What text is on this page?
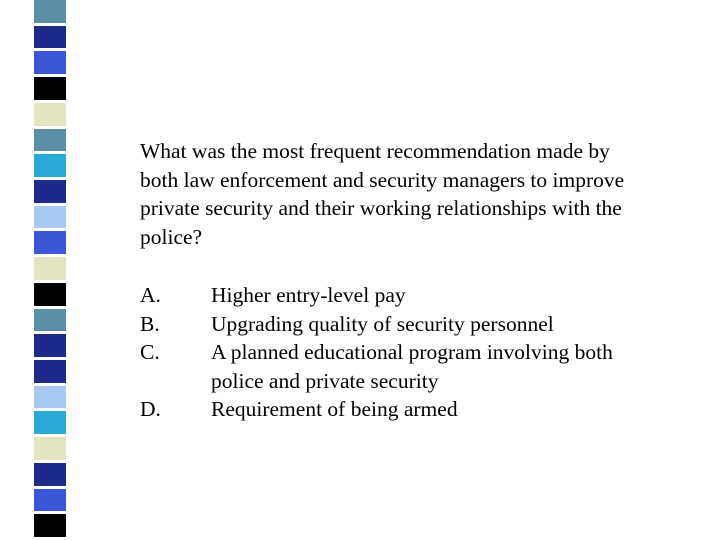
What was the most frequent recommendation made by both law enforcement and security managers to improve private security and their working relationships with the police?

A.	Higher entry-level pay
B.	Upgrading quality of security personnel
C.	A planned educational program involving both police and private security
D.	Requirement of being armed
